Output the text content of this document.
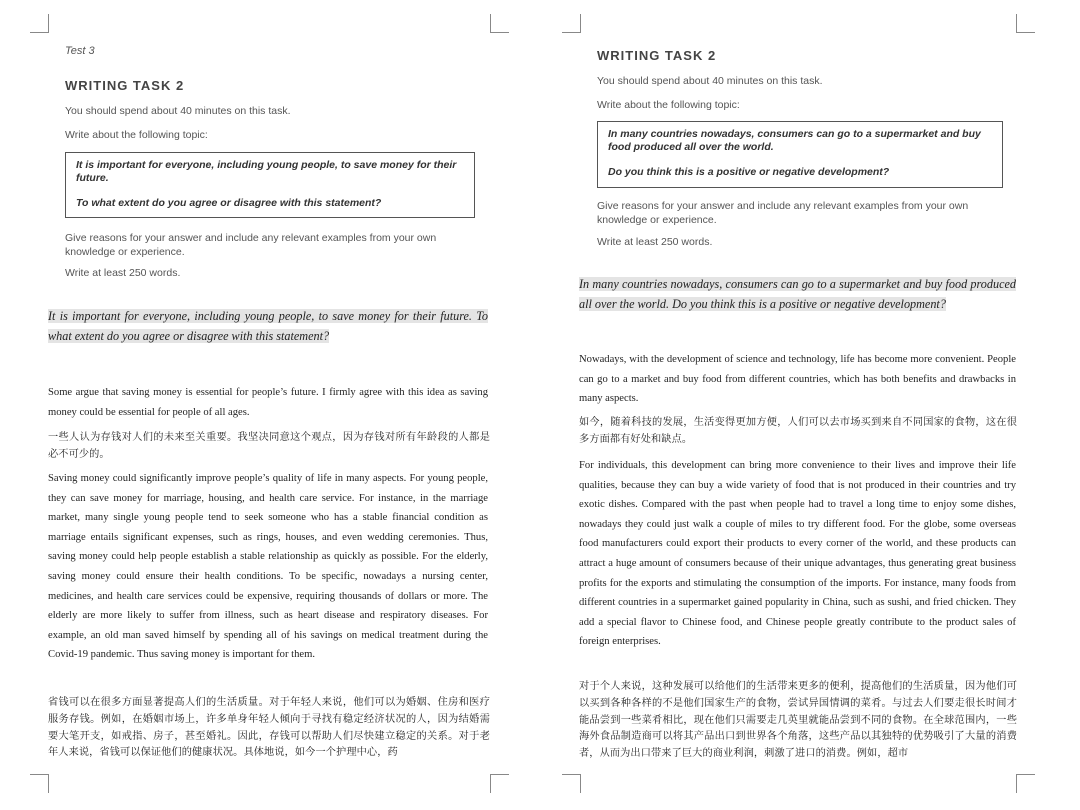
Test 3
WRITING TASK 2
You should spend about 40 minutes on this task.
Write about the following topic:

It is important for everyone, including young people, to save money for their future.

To what extent do you agree or disagree with this statement?

Give reasons for your answer and include any relevant examples from your own knowledge or experience.
Write at least 250 words.
It is important for everyone, including young people, to save money for their future. To what extent do you agree or disagree with this statement?

Some argue that saving money is essential for people’s future. I firmly agree with this idea as saving money could be essential for people of all ages.

一些人认为存钱对人们的未来至关重要。我坚决同意这个观点，因为存钱对所有年龄段的人都是必不可少的。

Saving money could significantly improve people’s quality of life in many aspects. For young people, they can save money for marriage, housing, and health care service. For instance, in the marriage market, many single young people tend to seek someone who has a stable financial condition as marriage entails significant expenses, such as rings, houses, and even wedding ceremonies. Thus, saving money could help people establish a stable relationship as quickly as possible. For the elderly, saving money could ensure their health conditions. To be specific, nowadays a nursing center, medicines, and health care services could be expensive, requiring thousands of dollars or more. The elderly are more likely to suffer from illness, such as heart disease and respiratory diseases. For example, an old man saved himself by spending all of his savings on medical treatment during the Covid-19 pandemic. Thus saving money is important for them.

省钱可以在很多方面显著提高人们的生活质量。对于年轻人来说，他们可以为婚姻、住房和医疗服务存钱。例如，在婚姻市场上，许多单身年轻人倾向于寻找有稳定经济状况的人，因为结婚需要大笔开支，如戒指、房子，甚至婚礼。因此，存钱可以帮助人们尽快建立稳定的关系。对于老年人来说，省钱可以保证他们的健康状况。具体地说，如今一个护理中心，药

WRITING TASK 2
You should spend about 40 minutes on this task.
Write about the following topic:

In many countries nowadays, consumers can go to a supermarket and buy food produced all over the world.

Do you think this is a positive or negative development?

Give reasons for your answer and include any relevant examples from your own knowledge or experience.
Write at least 250 words.
In many countries nowadays, consumers can go to a supermarket and buy food produced all over the world. Do you think this is a positive or negative development?

Nowadays, with the development of science and technology, life has become more convenient. People can go to a market and buy food from different countries, which has both benefits and drawbacks in many aspects.

如今，随着科技的发展，生活变得更加方便，人们可以去市场买到来自不同国家的食物，这在很多方面都有好处和缺点。

For individuals, this development can bring more convenience to their lives and improve their life qualities, because they can buy a wide variety of food that is not produced in their countries and try exotic dishes. Compared with the past when people had to travel a long time to enjoy some dishes, nowadays they could just walk a couple of miles to try different food. For the globe, some overseas food manufacturers could export their products to every corner of the world, and these products can attract a huge amount of consumers because of their unique advantages, thus generating great business profits for the exports and stimulating the consumption of the imports. For instance, many foods from different countries in a supermarket gained popularity in China, such as sushi, and fried chicken. They add a special flavor to Chinese food, and Chinese people greatly contribute to the product sales of foreign enterprises.

对于个人来说，这种发展可以给他们的生活带来更多的便利，提高他们的生活质量，因为他们可以买到各种各样的不是他们国家生产的食物，尝试异国情调的菜肴。与过去人们要走很长时间才能品尝到一些菜肴相比，现在他们只需要走几英里就能品尝到不同的食物。在全球范围内，一些海外食品制造商可以将其产品出口到世界各个角落，这些产品以其独特的优势吸引了大量的消费者，从而为出口带来了巨大的商业利润，刺激了进口的消费。例如，超市
